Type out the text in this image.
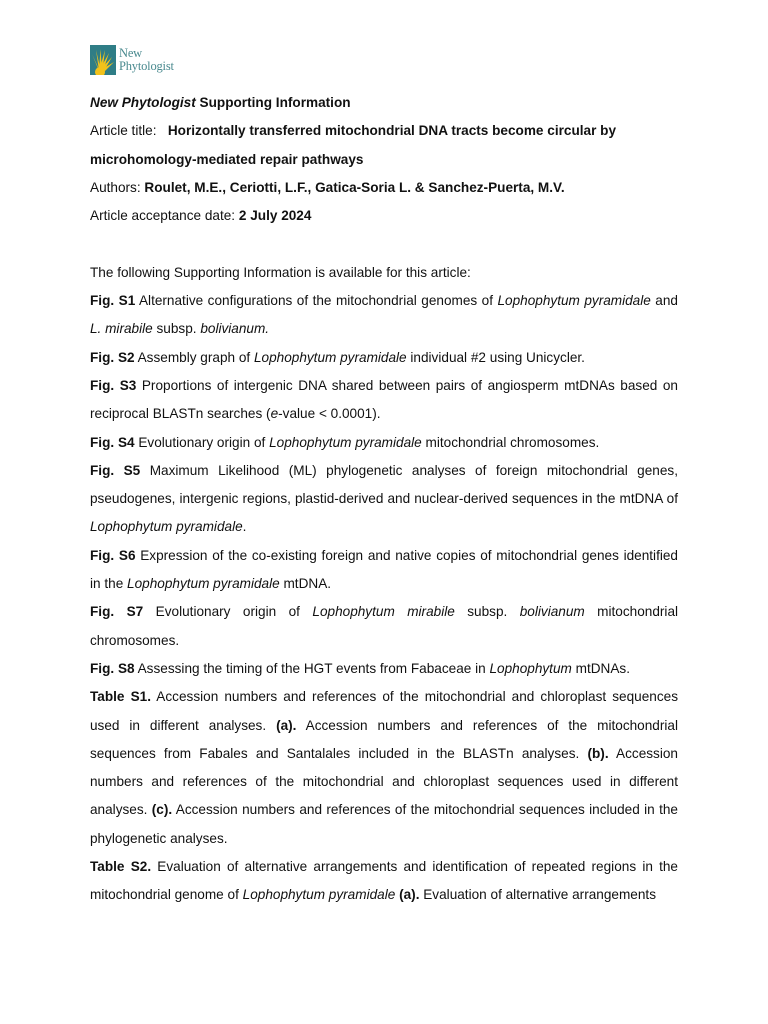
New
Phytologist

New Phytologist Supporting Information

Article title: Horizontally transferred mitochondrial DNA tracts become circular by

microhomology-mediated repair pathways

Authors: Roulet, M.E., Ceriotti, L.F., Gatica-Soria L. & Sanchez-Puerta, M.V.

Article acceptance date: 2 July 2024

The following Supporting Information is available for this article:

Fig. S1 Alternative configurations of the mitochondrial genomes of Lophophytum pyramidale and L. mirabile subsp. bolivianum.

Fig. S2 Assembly graph of Lophophytum pyramidale individual #2 using Unicycler.

Fig. S3 Proportions of intergenic DNA shared between pairs of angiosperm mtDNAs based on reciprocal BLASTn searches (e-value < 0.0001).

Fig. S4 Evolutionary origin of Lophophytum pyramidale mitochondrial chromosomes.

Fig. S5 Maximum Likelihood (ML) phylogenetic analyses of foreign mitochondrial genes, pseudogenes, intergenic regions, plastid-derived and nuclear-derived sequences in the mtDNA of Lophophytum pyramidale.

Fig. S6 Expression of the co-existing foreign and native copies of mitochondrial genes identified in the Lophophytum pyramidale mtDNA.

Fig. S7 Evolutionary origin of Lophophytum mirabile subsp. bolivianum mitochondrial chromosomes.

Fig. S8 Assessing the timing of the HGT events from Fabaceae in Lophophytum mtDNAs.

Table S1. Accession numbers and references of the mitochondrial and chloroplast sequences used in different analyses. (a). Accession numbers and references of the mitochondrial sequences from Fabales and Santalales included in the BLASTn analyses. (b). Accession numbers and references of the mitochondrial and chloroplast sequences used in different analyses. (c). Accession numbers and references of the mitochondrial sequences included in the phylogenetic analyses.

Table S2. Evaluation of alternative arrangements and identification of repeated regions in the mitochondrial genome of Lophophytum pyramidale (a). Evaluation of alternative arrangements
